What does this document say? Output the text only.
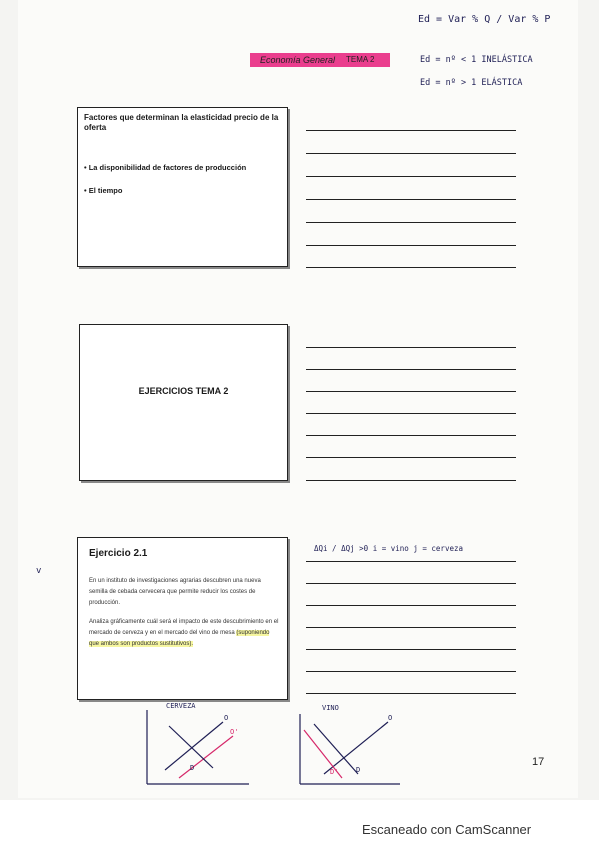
Ed = Var % Q / Var % P
Ed = nº < 1 INELÁSTICA
Ed = nº > 1 ELÁSTICA
Economía General TEMA 2
Factores que determinan la elasticidad precio de la oferta
• La disponibilidad de factores de producción
• El tiempo
EJERCICIOS TEMA 2
Ejercicio 2.1
En un instituto de investigaciones agrarias descubren una nueva semilla de cebada cervecera que permite reducir los costes de producción.
Analiza gráficamente cuál será el impacto de este descubrimiento en el mercado de cerveza y en el mercado del vino de mesa (suponiendo que ambos son productos sustitutivos).
ΔQi / ΔQj >0 i = vino j = cerveza
v
CERVEZA
O
O'
D
VINO
O
D
D'
17
Escaneado con CamScanner
